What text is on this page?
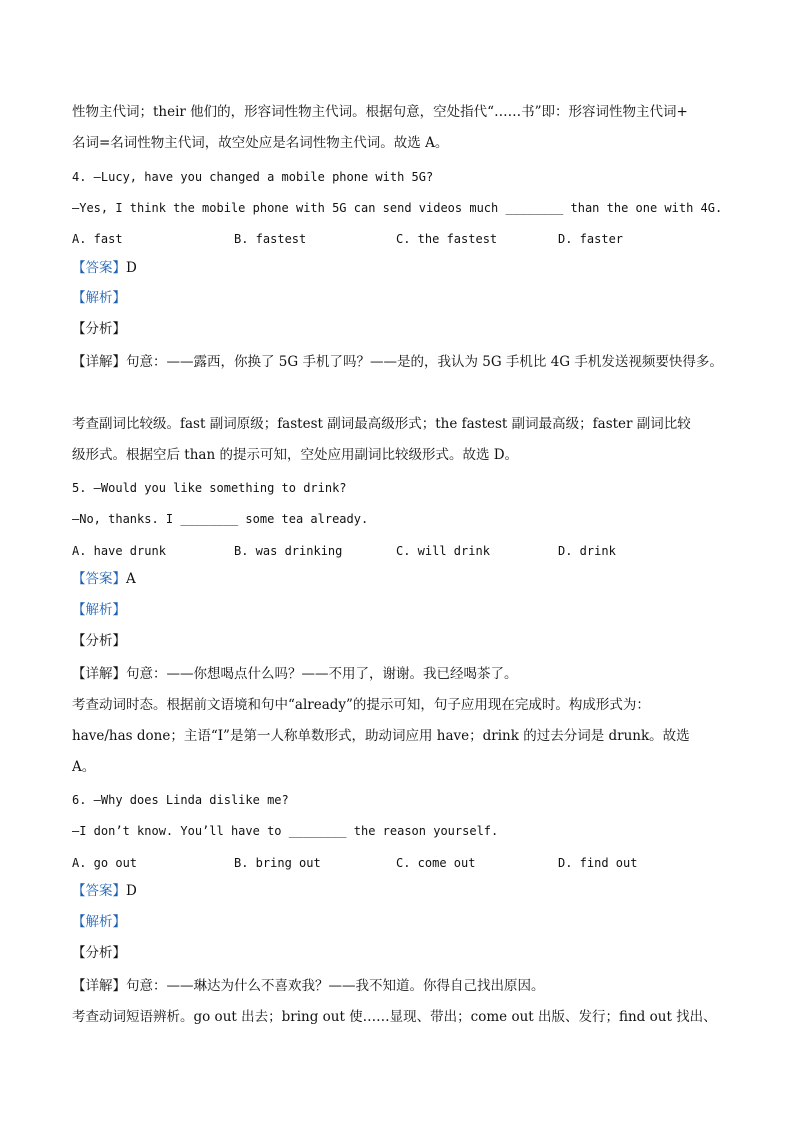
性物主代词；their 他们的，形容词性物主代词。根据句意，空处指代“……书”即：形容词性物主代词+
名词=名词性物主代词，故空处应是名词性物主代词。故选 A。
4. —Lucy, have you changed a mobile phone with 5G?
—Yes, I think the mobile phone with 5G can send videos much ________ than the one with 4G.
A. fast	B. fastest	C. the fastest	D. faster
【答案】D
【解析】
【分析】
【详解】句意：——露西，你换了 5G 手机了吗？——是的，我认为 5G 手机比 4G 手机发送视频要快得多。
考查副词比较级。fast 副词原级；fastest 副词最高级形式；the fastest 副词最高级；faster 副词比较
级形式。根据空后 than 的提示可知，空处应用副词比较级形式。故选 D。
5. —Would you like something to drink?
—No, thanks. I ________ some tea already.
A. have drunk	B. was drinking	C. will drink	D. drink
【答案】A
【解析】
【分析】
【详解】句意：——你想喝点什么吗？——不用了，谢谢。我已经喝茶了。
考查动词时态。根据前文语境和句中“already”的提示可知，句子应用现在完成时。构成形式为：
have/has done；主语“I”是第一人称单数形式，助动词应用 have；drink 的过去分词是 drunk。故选
A。
6. —Why does Linda dislike me?
—I don’t know. You’ll have to ________ the reason yourself.
A. go out	B. bring out	C. come out	D. find out
【答案】D
【解析】
【分析】
【详解】句意：——琳达为什么不喜欢我？——我不知道。你得自己找出原因。
考查动词短语辨析。go out 出去；bring out 使……显现、带出；come out 出版、发行；find out 找出、
